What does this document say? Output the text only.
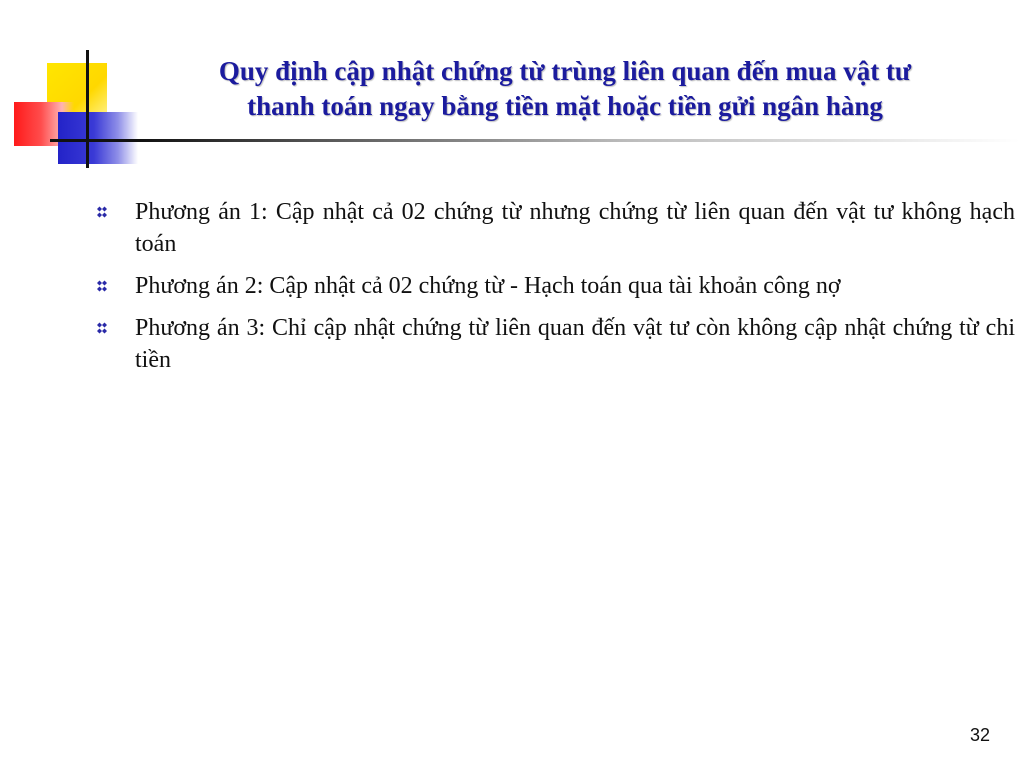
Quy định cập nhật chứng từ trùng liên quan đến mua vật tư
thanh toán ngay bằng tiền mặt hoặc tiền gửi ngân hàng
Phương án 1: Cập nhật cả 02 chứng từ nhưng chứng từ liên quan đến vật tư không hạch toán
Phương án 2: Cập nhật cả 02 chứng từ - Hạch toán qua tài khoản công nợ
Phương án 3: Chỉ cập nhật chứng từ liên quan đến vật tư còn không cập nhật chứng từ chi tiền
32
